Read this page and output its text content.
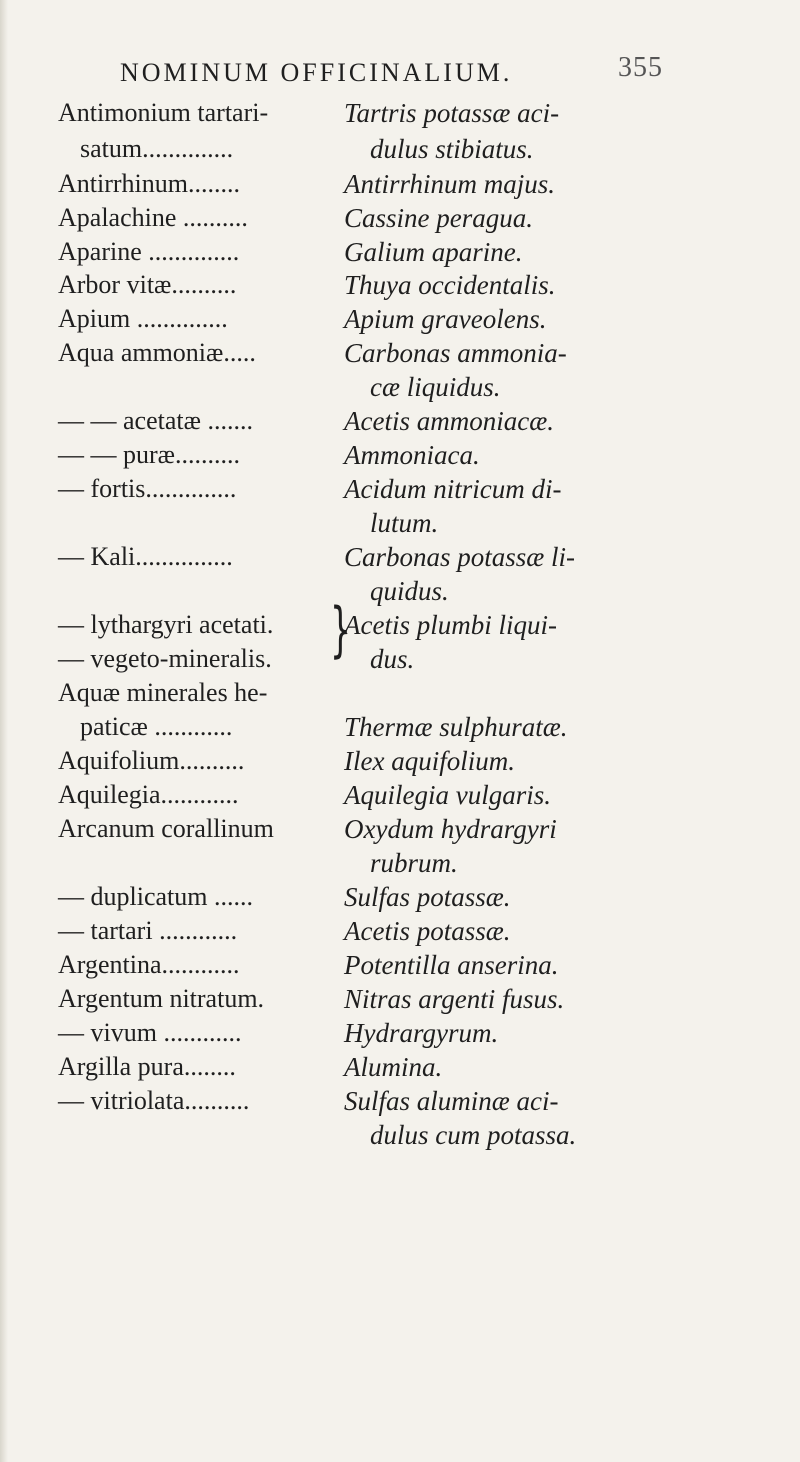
NOMINUM OFFICINALIUM.	355
Antimonium tartari-
satum..............
Antirrhinum........
Apalachine ..........
Aparine ..............
Arbor vitæ..........
Apium ..............
Aqua ammoniæ.....
— — acetatæ .......
— — puræ..........
— fortis..............
— Kali...............
— lythargyri acetati.
— vegeto-mineralis.
Aquæ minerales he-
paticæ ............
Aquifolium..........
Aquilegia............
Arcanum corallinum
— duplicatum ......
— tartari ............
Argentina............
Argentum nitratum.
— vivum ............
Argilla pura........
— vitriolata..........
}
Tartris potassæ aci-
dulus stibiatus.
Antirrhinum majus.
Cassine peragua.
Galium aparine.
Thuya occidentalis.
Apium graveolens.
Carbonas ammonia-
cæ liquidus.
Acetis ammoniacæ.
Ammoniaca.
Acidum nitricum di-
lutum.
Carbonas potassæ li-
quidus.
Acetis plumbi liqui-
dus.
Thermæ sulphuratæ.
Ilex aquifolium.
Aquilegia vulgaris.
Oxydum hydrargyri
rubrum.
Sulfas potassæ.
Acetis potassæ.
Potentilla anserina.
Nitras argenti fusus.
Hydrargyrum.
Alumina.
Sulfas aluminæ aci-
dulus cum potassa.
